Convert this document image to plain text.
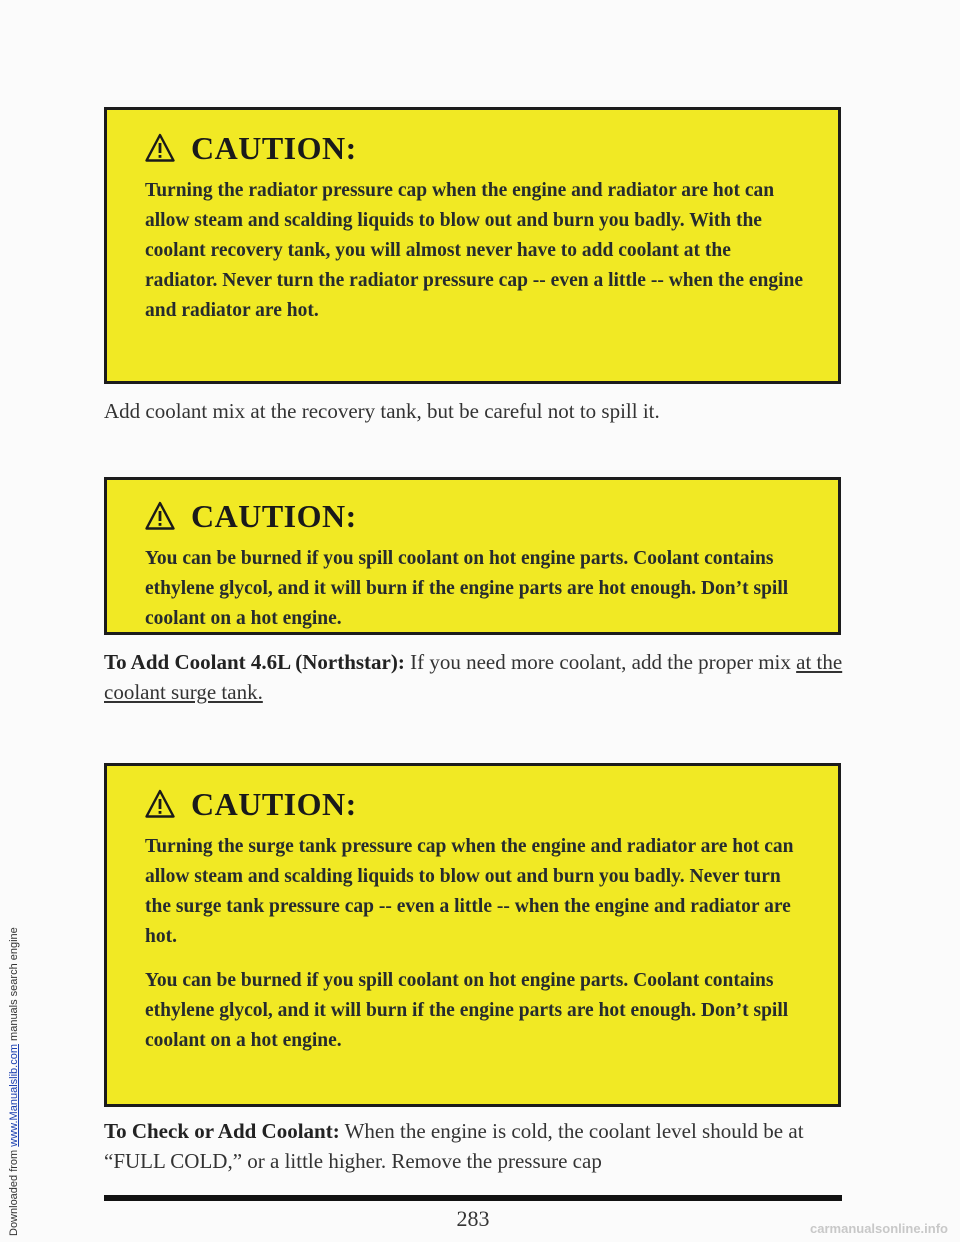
Downloaded from www.Manualslib.com manuals search engine
CAUTION:

Turning the radiator pressure cap when the engine and radiator are hot can allow steam and scalding liquids to blow out and burn you badly. With the coolant recovery tank, you will almost never have to add coolant at the radiator. Never turn the radiator pressure cap -- even a little -- when the engine and radiator are hot.

Add coolant mix at the recovery tank, but be careful not to spill it.

CAUTION:

You can be burned if you spill coolant on hot engine parts. Coolant contains ethylene glycol, and it will burn if the engine parts are hot enough. Don’t spill coolant on a hot engine.

To Add Coolant 4.6L (Northstar): If you need more coolant, add the proper mix at the coolant surge tank.

CAUTION:

Turning the surge tank pressure cap when the engine and radiator are hot can allow steam and scalding liquids to blow out and burn you badly. Never turn the surge tank pressure cap -- even a little -- when the engine and radiator are hot.

You can be burned if you spill coolant on hot engine parts. Coolant contains ethylene glycol, and it will burn if the engine parts are hot enough. Don’t spill coolant on a hot engine.

To Check or Add Coolant: When the engine is cold, the coolant level should be at “FULL COLD,” or a little higher. Remove the pressure cap

283	carmanualsonline.info
